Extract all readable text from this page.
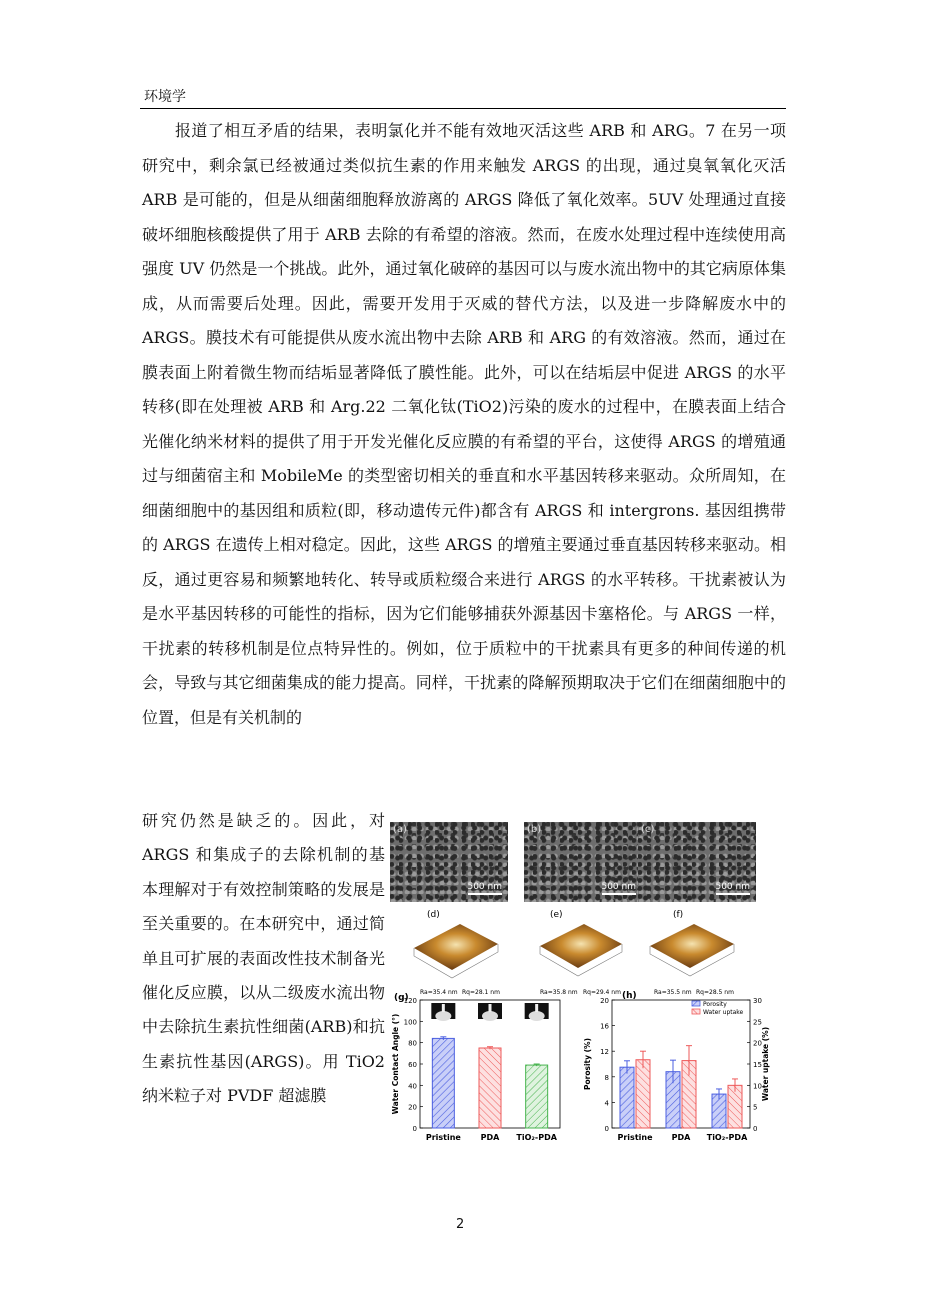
环境学

报道了相互矛盾的结果，表明氯化并不能有效地灭活这些 ARB 和 ARG。7 在另一项研究中，剩余氯已经被通过类似抗生素的作用来触发 ARGS 的出现，通过臭氧氧化灭活 ARB 是可能的，但是从细菌细胞释放游离的 ARGS 降低了氧化效率。5UV 处理通过直接破坏细胞核酸提供了用于 ARB 去除的有希望的溶液。然而，在废水处理过程中连续使用高强度 UV 仍然是一个挑战。此外，通过氧化破碎的基因可以与废水流出物中的其它病原体集成，从而需要后处理。因此，需要开发用于灭威的替代方法，以及进一步降解废水中的 ARGS。膜技术有可能提供从废水流出物中去除 ARB 和 ARG 的有效溶液。然而，通过在膜表面上附着微生物而结垢显著降低了膜性能。此外，可以在结垢层中促进 ARGS 的水平转移(即在处理被 ARB 和 Arg.22 二氧化钛(TiO2)污染的废水的过程中，在膜表面上结合光催化纳米材料的提供了用于开发光催化反应膜的有希望的平台，这使得 ARGS 的增殖通过与细菌宿主和 MobileMe 的类型密切相关的垂直和水平基因转移来驱动。众所周知，在细菌细胞中的基因组和质粒(即，移动遗传元件)都含有 ARGS 和 intergrons. 基因组携带的 ARGS 在遗传上相对稳定。因此，这些 ARGS 的增殖主要通过垂直基因转移来驱动。相反，通过更容易和频繁地转化、转导或质粒缀合来进行 ARGS 的水平转移。干扰素被认为是水平基因转移的可能性的指标，因为它们能够捕获外源基因卡塞格伦。与 ARGS 一样，干扰素的转移机制是位点特异性的。例如，位于质粒中的干扰素具有更多的种间传递的机会，导致与其它细菌集成的能力提高。同样，干扰素的降解预期取决于它们在细菌细胞中的位置，但是有关机制的

研究仍然是缺乏的。因此，对 ARGS 和集成子的去除机制的基本理解对于有效控制策略的发展是至关重要的。在本研究中，通过简单且可扩展的表面改性技术制备光催化反应膜，以从二级废水流出物中去除抗生素抗性细菌(ARB)和抗生素抗性基因(ARGS)。用 TiO2 纳米粒子对 PVDF 超滤膜

(a)
500 nm
(b)
500 nm
(c)
500 nm
(d)
Ra=35.4 nm Rq=28.1 nm
(e)
Ra=35.8 nm Rq=29.4 nm
(f)
Ra=35.5 nm Rq=28.5 nm
(g)
0
20
40
60
80
100
120
Water Contact Angle (°)
Pristine PDA TiO₂-PDA
(h)
0
4
8
12
16
20
0
5
10
15
20
25
30
Porosity (%)	Water uptake (%)
Pristine PDA TiO₂-PDA
Porosity
Water uptake
2
